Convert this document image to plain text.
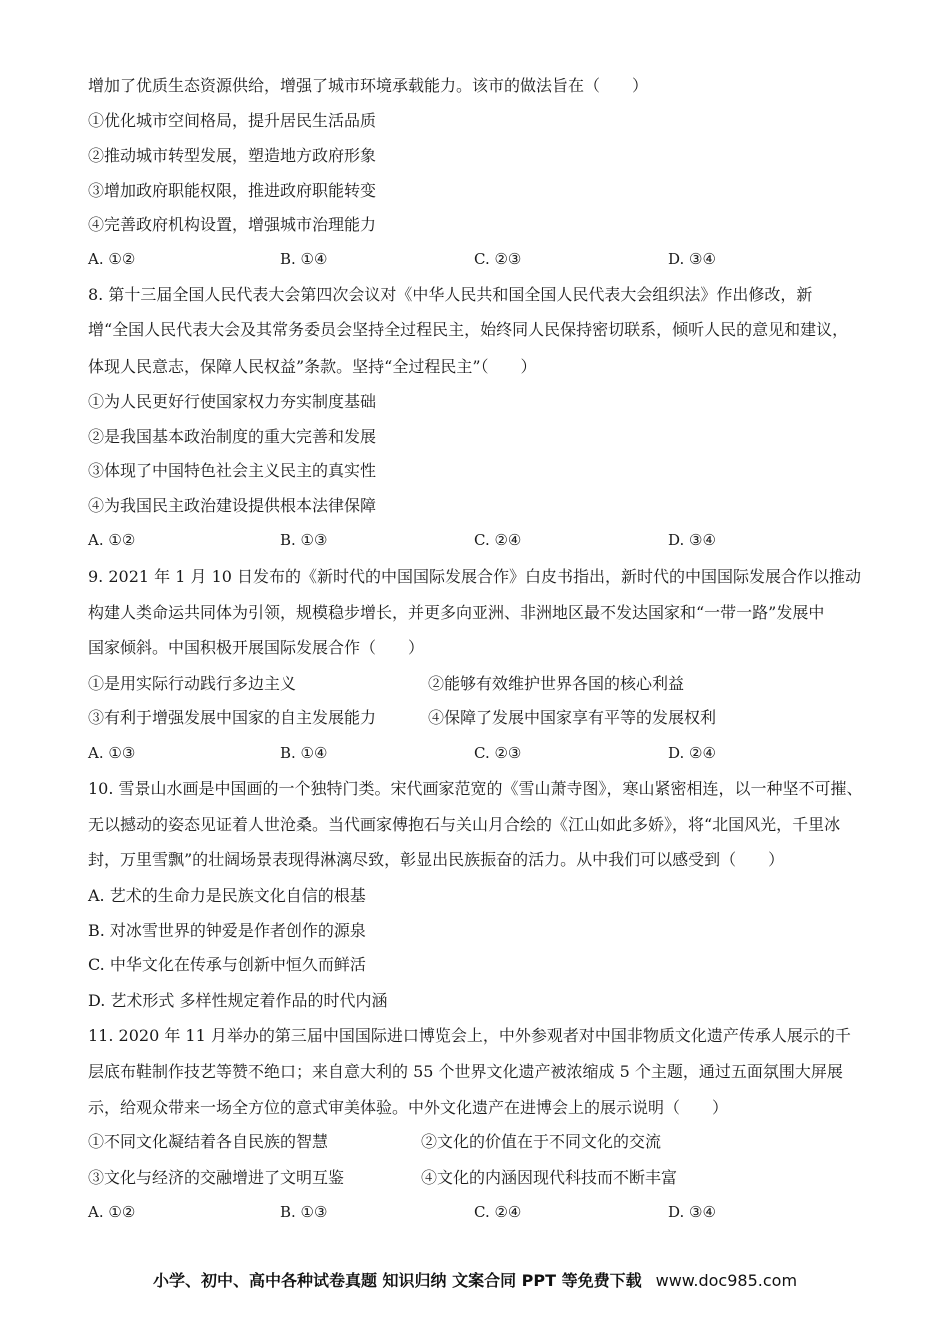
增加了优质生态资源供给，增强了城市环境承载能力。该市的做法旨在（　　）
①优化城市空间格局，提升居民生活品质
②推动城市转型发展，塑造地方政府形象
③增加政府职能权限，推进政府职能转变
④完善政府机构设置，增强城市治理能力
A. ①②	B. ①④	C. ②③	D. ③④
8. 第十三届全国人民代表大会第四次会议对《中华人民共和国全国人民代表大会组织法》作出修改，新
增“全国人民代表大会及其常务委员会坚持全过程民主，始终同人民保持密切联系，倾听人民的意见和建议，
体现人民意志，保障人民权益”条款。坚持“全过程民主”（　　）
①为人民更好行使国家权力夯实制度基础
②是我国基本政治制度的重大完善和发展
③体现了中国特色社会主义民主的真实性
④为我国民主政治建设提供根本法律保障
A. ①②	B. ①③	C. ②④	D. ③④
9. 2021 年 1 月 10 日发布的《新时代的中国国际发展合作》白皮书指出，新时代的中国国际发展合作以推动
构建人类命运共同体为引领，规模稳步增长，并更多向亚洲、非洲地区最不发达国家和“一带一路”发展中
国家倾斜。中国积极开展国际发展合作（　　）
①是用实际行动践行多边主义	②能够有效维护世界各国的核心利益
③有利于增强发展中国家的自主发展能力	④保障了发展中国家享有平等的发展权利
A. ①③	B. ①④	C. ②③	D. ②④
10. 雪景山水画是中国画的一个独特门类。宋代画家范宽的《雪山萧寺图》，寒山紧密相连，以一种坚不可摧、
无以撼动的姿态见证着人世沧桑。当代画家傅抱石与关山月合绘的《江山如此多娇》，将“北国风光，千里冰
封，万里雪飘”的壮阔场景表现得淋漓尽致，彰显出民族振奋的活力。从中我们可以感受到（　　）
A. 艺术的生命力是民族文化自信的根基
B. 对冰雪世界的钟爱是作者创作的源泉
C. 中华文化在传承与创新中恒久而鲜活
D. 艺术形式 多样性规定着作品的时代内涵
11. 2020 年 11 月举办的第三届中国国际进口博览会上，中外参观者对中国非物质文化遗产传承人展示的千
层底布鞋制作技艺等赞不绝口；来自意大利的 55 个世界文化遗产被浓缩成 5 个主题，通过五面氛围大屏展
示，给观众带来一场全方位的意式审美体验。中外文化遗产在进博会上的展示说明（　　）
①不同文化凝结着各自民族的智慧	②文化的价值在于不同文化的交流
③文化与经济的交融增进了文明互鉴	④文化的内涵因现代科技而不断丰富
A. ①②	B. ①③	C. ②④	D. ③④
小学、初中、高中各种试卷真题 知识归纳 文案合同 PPT 等免费下载 www.doc985.com
